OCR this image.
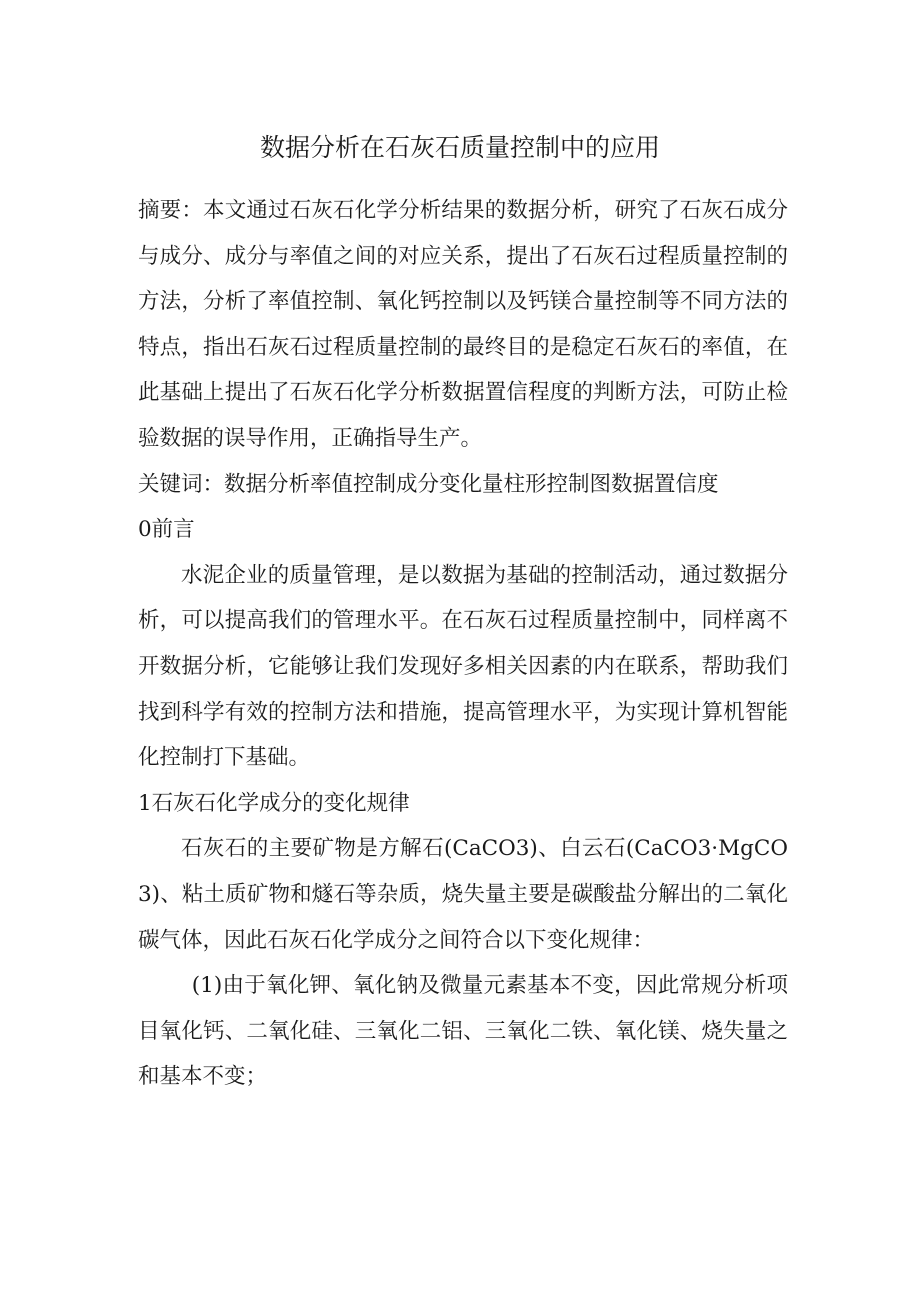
数据分析在石灰石质量控制中的应用

摘要：本文通过石灰石化学分析结果的数据分析，研究了石灰石成分与成分、成分与率值之间的对应关系，提出了石灰石过程质量控制的方法，分析了率值控制、氧化钙控制以及钙镁合量控制等不同方法的特点，指出石灰石过程质量控制的最终目的是稳定石灰石的率值，在此基础上提出了石灰石化学分析数据置信程度的判断方法，可防止检验数据的误导作用，正确指导生产。

关键词：数据分析率值控制成分变化量柱形控制图数据置信度

0前言

水泥企业的质量管理，是以数据为基础的控制活动，通过数据分析，可以提高我们的管理水平。在石灰石过程质量控制中，同样离不开数据分析，它能够让我们发现好多相关因素的内在联系，帮助我们找到科学有效的控制方法和措施，提高管理水平，为实现计算机智能化控制打下基础。

1石灰石化学成分的变化规律

石灰石的主要矿物是方解石(CaCO3)、白云石(CaCO3·MgCO3)、粘土质矿物和燧石等杂质，烧失量主要是碳酸盐分解出的二氧化碳气体，因此石灰石化学成分之间符合以下变化规律：

(1)由于氧化钾、氧化钠及微量元素基本不变，因此常规分析项目氧化钙、二氧化硅、三氧化二铝、三氧化二铁、氧化镁、烧失量之和基本不变；
